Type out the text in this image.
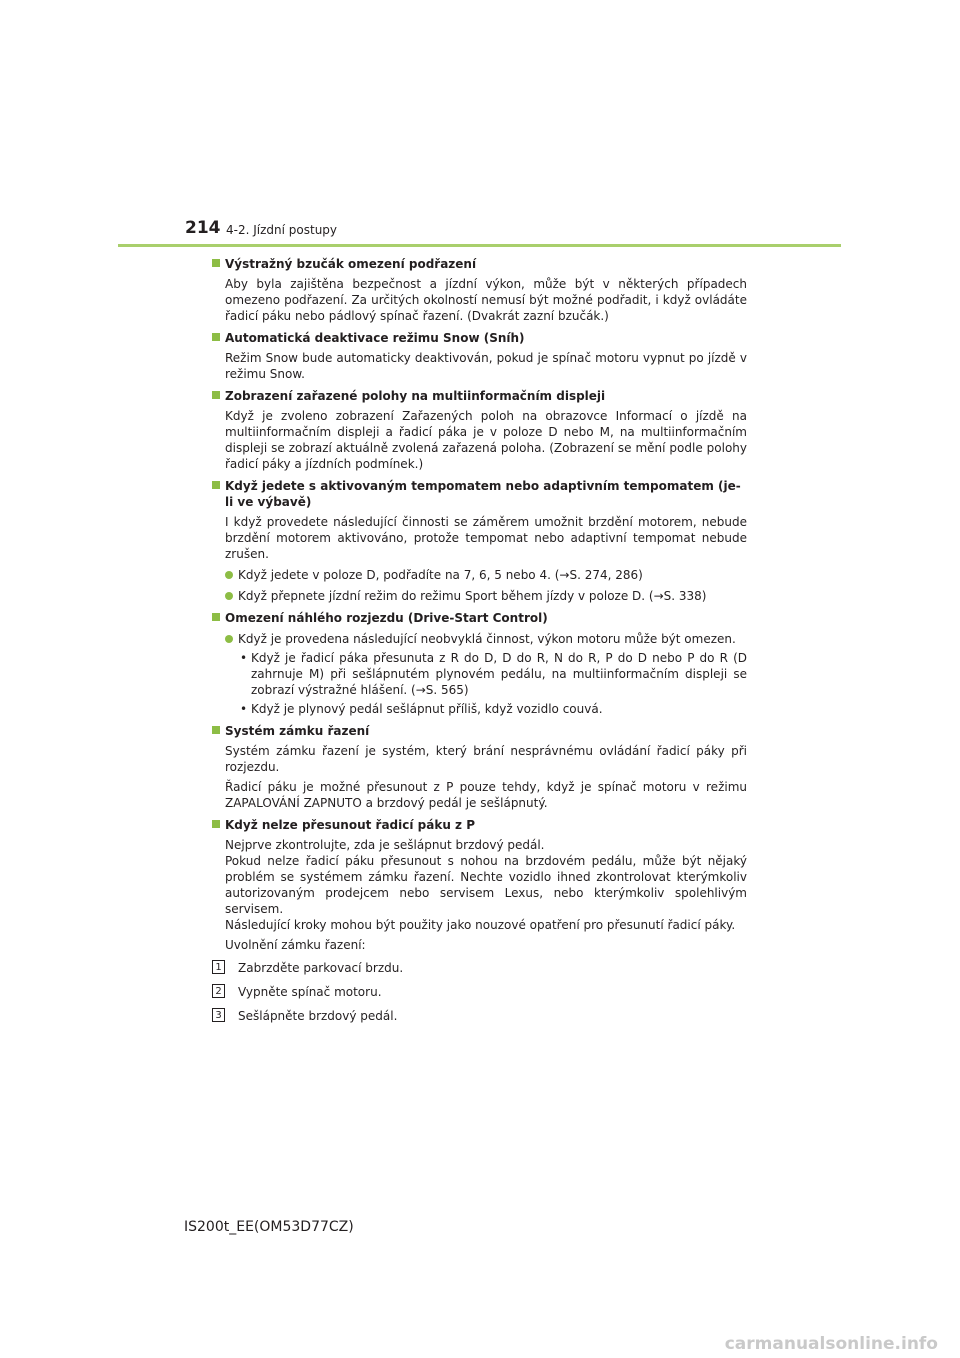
214 4-2. Jízdní postupy
Výstražný bzučák omezení podřazení
Aby byla zajištěna bezpečnost a jízdní výkon, může být v některých případech omezeno podřazení. Za určitých okolností nemusí být možné podřadit, i když ovládáte řadicí páku nebo pádlový spínač řazení. (Dvakrát zazní bzučák.)
Automatická deaktivace režimu Snow (Sníh)
Režim Snow bude automaticky deaktivován, pokud je spínač motoru vypnut po jízdě v režimu Snow.
Zobrazení zařazené polohy na multiinformačním displeji
Když je zvoleno zobrazení Zařazených poloh na obrazovce Informací o jízdě na multiinformačním displeji a řadicí páka je v poloze D nebo M, na multiinformačním displeji se zobrazí aktuálně zvolená zařazená poloha. (Zobrazení se mění podle polohy řadicí páky a jízdních podmínek.)
Když jedete s aktivovaným tempomatem nebo adaptivním tempomatem (je-li ve výbavě)
I když provedete následující činnosti se záměrem umožnit brzdění motorem, nebude brzdění motorem aktivováno, protože tempomat nebo adaptivní tempomat nebude zrušen.
Když jedete v poloze D, podřadíte na 7, 6, 5 nebo 4. (→S. 274, 286)
Když přepnete jízdní režim do režimu Sport během jízdy v poloze D. (→S. 338)
Omezení náhlého rozjezdu (Drive-Start Control)
Když je provedena následující neobvyklá činnost, výkon motoru může být omezen.
• Když je řadicí páka přesunuta z R do D, D do R, N do R, P do D nebo P do R (D zahrnuje M) při sešlápnutém plynovém pedálu, na multiinformačním displeji se zobrazí výstražné hlášení. (→S. 565)
• Když je plynový pedál sešlápnut příliš, když vozidlo couvá.
Systém zámku řazení
Systém zámku řazení je systém, který brání nesprávnému ovládání řadicí páky při rozjezdu.
Řadicí páku je možné přesunout z P pouze tehdy, když je spínač motoru v režimu ZAPALOVÁNÍ ZAPNUTO a brzdový pedál je sešlápnutý.
Když nelze přesunout řadicí páku z P
Nejprve zkontrolujte, zda je sešlápnut brzdový pedál.
Pokud nelze řadicí páku přesunout s nohou na brzdovém pedálu, může být nějaký problém se systémem zámku řazení. Nechte vozidlo ihned zkontrolovat kterýmkoliv autorizovaným prodejcem nebo servisem Lexus, nebo kterýmkoliv spolehlivým servisem.
Následující kroky mohou být použity jako nouzové opatření pro přesunutí řadicí páky.
Uvolnění zámku řazení:
1 Zabrzděte parkovací brzdu.
2 Vypněte spínač motoru.
3 Sešlápněte brzdový pedál.
IS200t_EE(OM53D77CZ)
carmanualsonline.info
